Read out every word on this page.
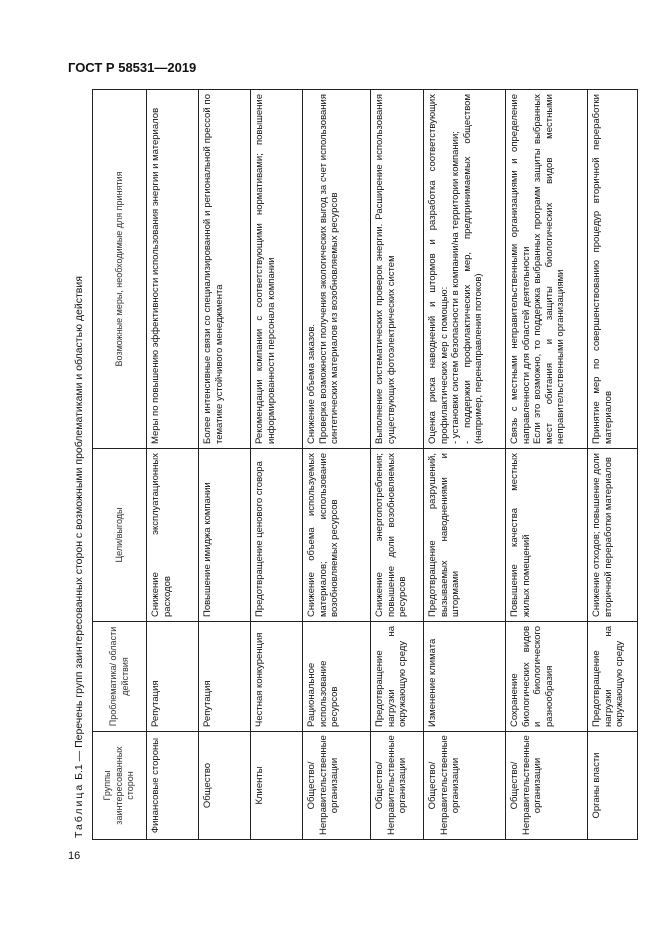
ГОСТ Р 58531—2019
Таблица Б.1 — Перечень групп заинтересованных сторон с возможными проблематиками и областью действия
Группы заинтересованных сторон	Проблематика/ области действия	Цели/выгоды	Возможные меры, необходимые для принятия
Финансовые стороны	Репутация	Снижение эксплуатационных расходов	Меры по повышению эффективности использования энергии и материалов
Общество	Репутация	Повышение имиджа компании	Более интенсивные связи со специализированной и региональной прессой по тематике устойчивого менеджмента
Клиенты	Честная конкуренция	Предотвращение ценового сговора	Рекомендации компании с соответствующими нормативами; повышение информированности персонала компании
Общество/ Неправительственные организации	Рациональное использование ресурсов	Снижение объема используемых материалов; использование возобновляемых ресурсов	Снижение объема заказов.
Проверка возможности получения экологических выгод за счет использования синтетических материалов из возобновляемых ресурсов
Общество/ Неправительственные организации	Предотвращение нагрузки на окружающую среду	Снижение энергопотребления; повышение доли возобновляемых ресурсов	Выполнение систематических проверок энергии. Расширение использования существующих фотоэлектрических систем
Общество/ Неправительственные организации	Изменение климата	Предотвращение разрушений, вызываемых наводнениями и штормами	Оценка риска наводнений и штормов и разработка соответствующих профилактических мер с помощью:
- установки систем безопасности в компании/на территории компании;
- поддержки профилактических мер, предпринимаемых обществом (например, перенаправления потоков)
Общество/ Неправительственные организации	Сохранение биологических видов и биологического разнообразия	Повышение качества местных жилых помещений	Связь с местными неправительственными организациями и определение направленности для областей деятельности
Если это возможно, то поддержка выбранных программ защиты выбранных мест обитания и защиты биологических видов местными неправительственными организациями
Органы власти	Предотвращение нагрузки на окружающую среду	Снижение отходов; повышение доли вторичной переработки материалов	Принятие мер по совершенствованию процедур вторичной переработки материалов
16
